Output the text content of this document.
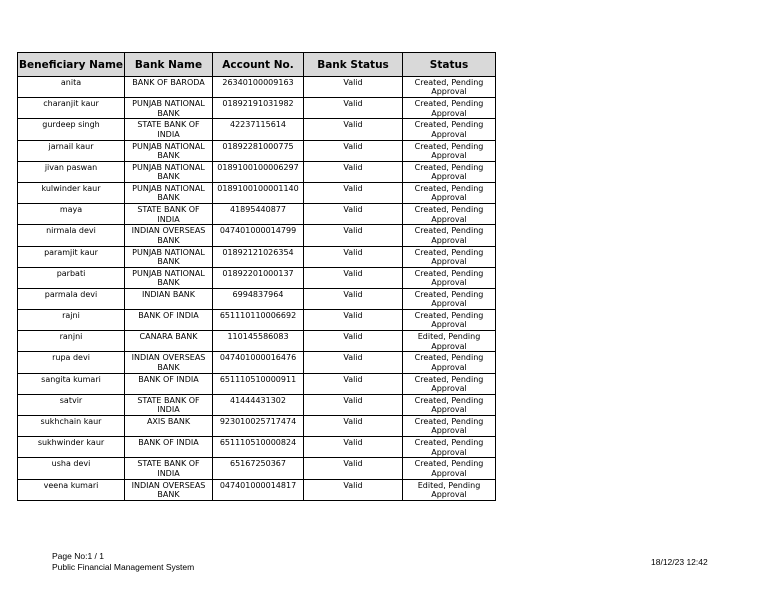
Beneficiary Name	Bank Name	Account No.	Bank Status	Status
anita	BANK OF BARODA	26340100009163	Valid	Created, Pending Approval
charanjit kaur	PUNJAB NATIONAL BANK	01892191031982	Valid	Created, Pending Approval
gurdeep singh	STATE BANK OF INDIA	42237115614	Valid	Created, Pending Approval
jarnail kaur	PUNJAB NATIONAL BANK	01892281000775	Valid	Created, Pending Approval
jivan paswan	PUNJAB NATIONAL BANK	0189100100006297	Valid	Created, Pending Approval
kulwinder kaur	PUNJAB NATIONAL BANK	0189100100001140	Valid	Created, Pending Approval
maya	STATE BANK OF INDIA	41895440877	Valid	Created, Pending Approval
nirmala devi	INDIAN OVERSEAS BANK	047401000014799	Valid	Created, Pending Approval
paramjit kaur	PUNJAB NATIONAL BANK	01892121026354	Valid	Created, Pending Approval
parbati	PUNJAB NATIONAL BANK	01892201000137	Valid	Created, Pending Approval
parmala devi	INDIAN BANK	6994837964	Valid	Created, Pending Approval
rajni	BANK OF INDIA	651110110006692	Valid	Created, Pending Approval
ranjni	CANARA BANK	110145586083	Valid	Edited, Pending Approval
rupa devi	INDIAN OVERSEAS BANK	047401000016476	Valid	Created, Pending Approval
sangita kumari	BANK OF INDIA	651110510000911	Valid	Created, Pending Approval
satvir	STATE BANK OF INDIA	41444431302	Valid	Created, Pending Approval
sukhchain kaur	AXIS BANK	923010025717474	Valid	Created, Pending Approval
sukhwinder kaur	BANK OF INDIA	651110510000824	Valid	Created, Pending Approval
usha devi	STATE BANK OF INDIA	65167250367	Valid	Created, Pending Approval
veena kumari	INDIAN OVERSEAS BANK	047401000014817	Valid	Edited, Pending Approval
Page No:1 / 1
Public Financial Management System	18/12/23 12:42
